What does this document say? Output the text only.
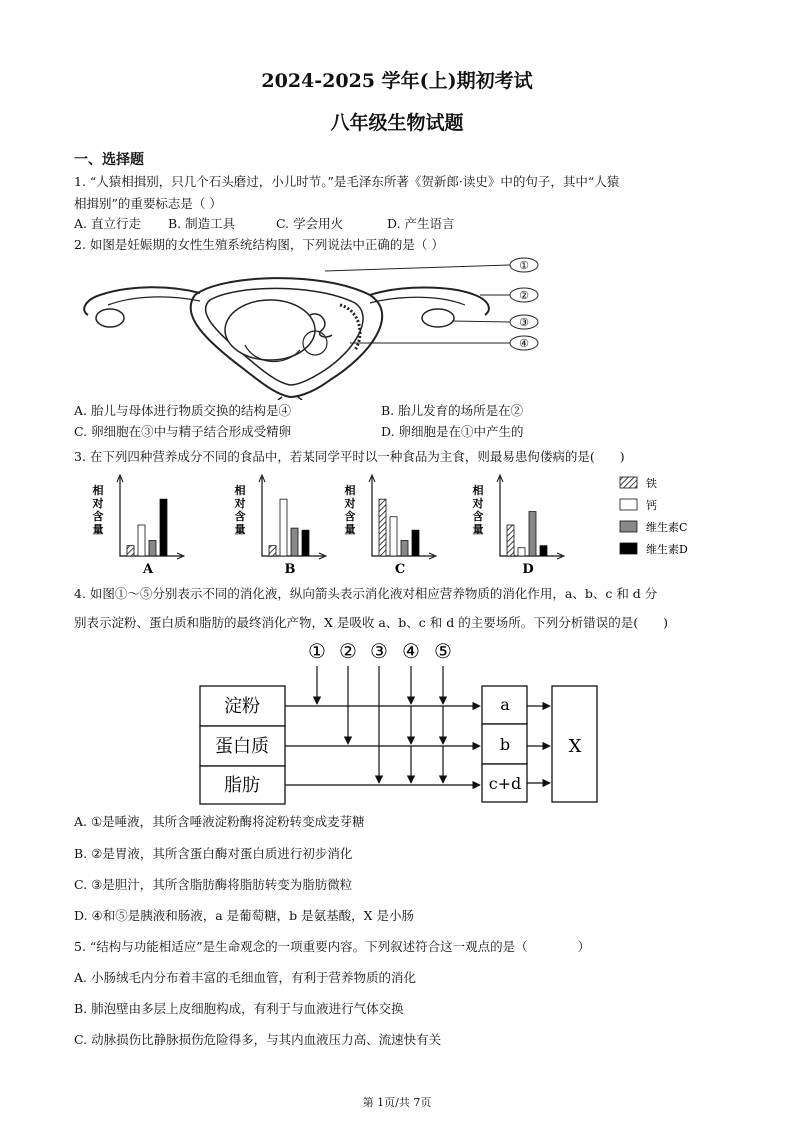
2024-2025 学年(上)期初考试
八年级生物试题
一、选择题
1. “人猿相揖别，只几个石头磨过，小儿时节。”是毛泽东所著《贺新郎·读史》中的句子，其中“人猿
相揖别”的重要标志是（ ）
A. 直立行走 B. 制造工具	C. 学会用火	D. 产生语言
2. 如图是妊娠期的女性生殖系统结构图，下列说法中正确的是（ ）
①
②
③
④
A. 胎儿与母体进行物质交换的结构是④	B. 胎儿发育的场所是在②
C. 卵细胞在③中与精子结合形成受精卵	D. 卵细胞是在①中产生的
3. 在下列四种营养成分不同的食品中，若某同学平时以一种食品为主食，则最易患佝偻病的是(　　)
相
对
含
量
A
相
对
含
量
B
相
对
含
量
C
相
对
含
量
D
铁
钙
维生素C
维生素D
4. 如图①～⑤分别表示不同的消化液，纵向箭头表示消化液对相应营养物质的消化作用，a、b、c 和 d 分
别表示淀粉、蛋白质和脂肪的最终消化产物，X 是吸收 a、b、c 和 d 的主要场所。下列分析错误的是(　　)
① ② ③ ④ ⑤
淀粉
蛋白质
脂肪
a
b
c+d
X
A. ①是唾液，其所含唾液淀粉酶将淀粉转变成麦芽糖
B. ②是胃液，其所含蛋白酶对蛋白质进行初步消化
C. ③是胆汁，其所含脂肪酶将脂肪转变为脂肪微粒
D. ④和⑤是胰液和肠液，a 是葡萄糖，b 是氨基酸，X 是小肠
5. “结构与功能相适应”是生命观念的一项重要内容。下列叙述符合这一观点的是（　　　　）
A. 小肠绒毛内分布着丰富的毛细血管，有利于营养物质的消化
B. 肺泡壁由多层上皮细胞构成，有利于与血液进行气体交换
C. 动脉损伤比静脉损伤危险得多，与其内血液压力高、流速快有关
第 1页/共 7页
